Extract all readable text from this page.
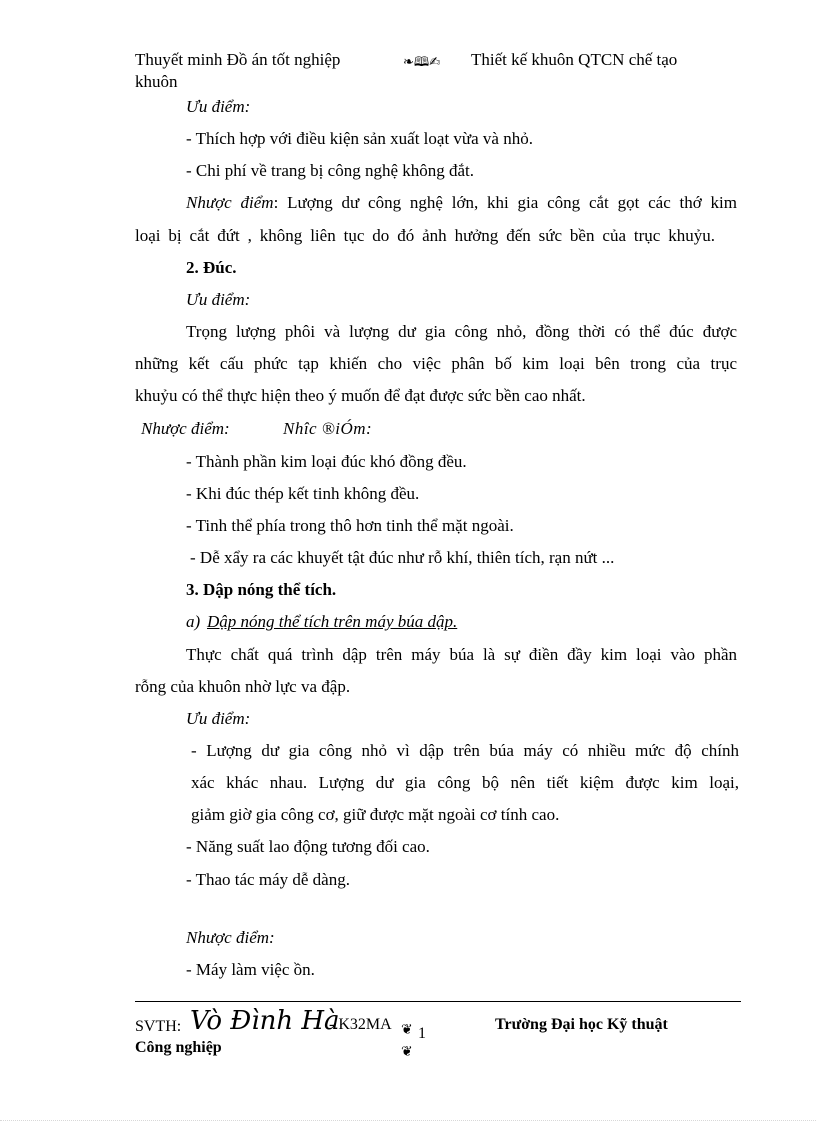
Thuyết minh Đồ án tốt nghiệp	❧🕮✍ Thiết kế khuôn QTCN chế tạo
khuôn
Ưu điểm:
- Thích hợp với điều kiện sản xuất loạt vừa và nhỏ.
- Chi phí về trang bị công nghệ không đắt.
Nhược điểm: Lượng dư công nghệ lớn, khi gia công cắt gọt các thớ kim
loại bị cắt đứt , không liên tục do đó ảnh hưởng đến sức bền của trục khuỷu.
2. Đúc.
Ưu điểm:
Trọng lượng phôi và lượng dư gia công nhỏ, đồng thời có thể đúc được
những kết cấu phức tạp khiến cho việc phân bố kim loại bên trong của trục
khuỷu có thể thực hiện theo ý muốn để đạt được sức bền cao nhất.
Nhược điểm:	Nhîc ®iÓm:
- Thành phần kim loại đúc khó đồng đều.
- Khi đúc thép kết tinh không đều.
- Tinh thể phía trong thô hơn tinh thể mặt ngoài.
- Dễ xẩy ra các khuyết tật đúc như rỗ khí, thiên tích, rạn nứt ...
3. Dập nóng thể tích.
a) Dập nóng thể tích trên máy búa dập.
Thực chất quá trình dập trên máy búa là sự điền đầy kim loại vào phần
rỗng của khuôn nhờ lực va đập.
Ưu điểm:
- Lượng dư gia công nhỏ vì dập trên búa máy có nhiều mức độ chính
xác khác nhau. Lượng dư gia công bộ nên tiết kiệm được kim loại,
giảm giờ gia công cơ, giữ được mặt ngoài cơ tính cao.
- Năng suất lao động tương đối cao.
- Thao tác máy dễ dàng.
Nhược điểm:
- Máy làm việc ồn.
SVTH: Vò Đình Hà
- K32MA ❦ 1
❦
Trường Đại học Kỹ thuật
Công nghiệp
